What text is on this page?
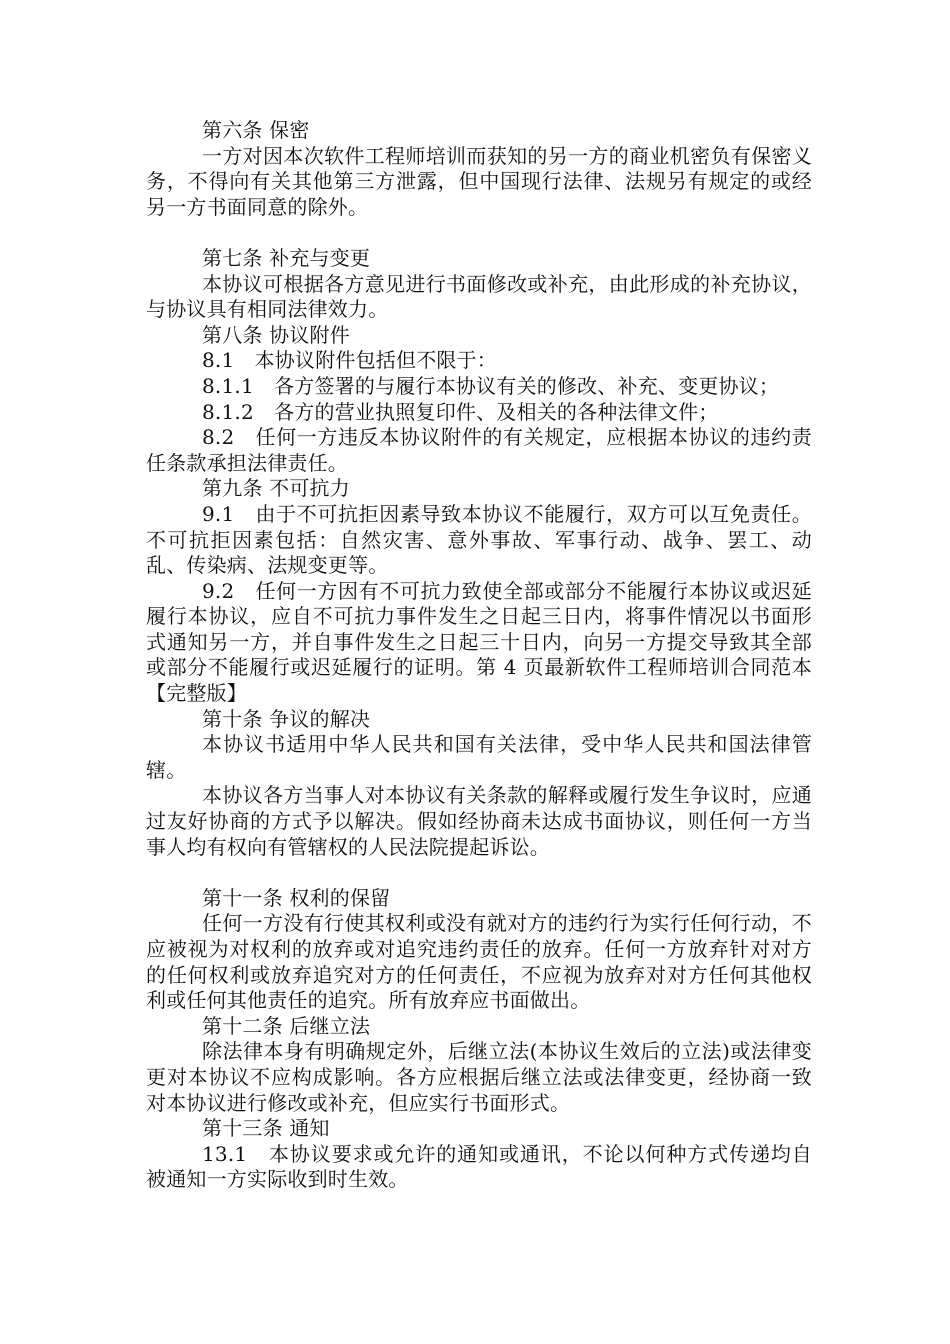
第六条 保密

一方对因本次软件工程师培训而获知的另一方的商业机密负有保密义务，不得向有关其他第三方泄露，但中国现行法律、法规另有规定的或经另一方书面同意的除外。

第七条 补充与变更

本协议可根据各方意见进行书面修改或补充，由此形成的补充协议，与协议具有相同法律效力。

第八条 协议附件

8.1　本协议附件包括但不限于：

8.1.1　各方签署的与履行本协议有关的修改、补充、变更协议；

8.1.2　各方的营业执照复印件、及相关的各种法律文件；

8.2　任何一方违反本协议附件的有关规定，应根据本协议的违约责任条款承担法律责任。

第九条 不可抗力

9.1　由于不可抗拒因素导致本协议不能履行，双方可以互免责任。不可抗拒因素包括：自然灾害、意外事故、军事行动、战争、罢工、动乱、传染病、法规变更等。

9.2　任何一方因有不可抗力致使全部或部分不能履行本协议或迟延履行本协议，应自不可抗力事件发生之日起三日内，将事件情况以书面形式通知另一方，并自事件发生之日起三十日内，向另一方提交导致其全部或部分不能履行或迟延履行的证明。第 4 页最新软件工程师培训合同范本【完整版】

第十条 争议的解决

本协议书适用中华人民共和国有关法律，受中华人民共和国法律管辖。

本协议各方当事人对本协议有关条款的解释或履行发生争议时，应通过友好协商的方式予以解决。假如经协商未达成书面协议，则任何一方当事人均有权向有管辖权的人民法院提起诉讼。

第十一条 权利的保留

任何一方没有行使其权利或没有就对方的违约行为实行任何行动，不应被视为对权利的放弃或对追究违约责任的放弃。任何一方放弃针对对方的任何权利或放弃追究对方的任何责任，不应视为放弃对对方任何其他权利或任何其他责任的追究。所有放弃应书面做出。

第十二条 后继立法

除法律本身有明确规定外，后继立法(本协议生效后的立法)或法律变更对本协议不应构成影响。各方应根据后继立法或法律变更，经协商一致对本协议进行修改或补充，但应实行书面形式。

第十三条 通知

13.1　本协议要求或允许的通知或通讯，不论以何种方式传递均自被通知一方实际收到时生效。
